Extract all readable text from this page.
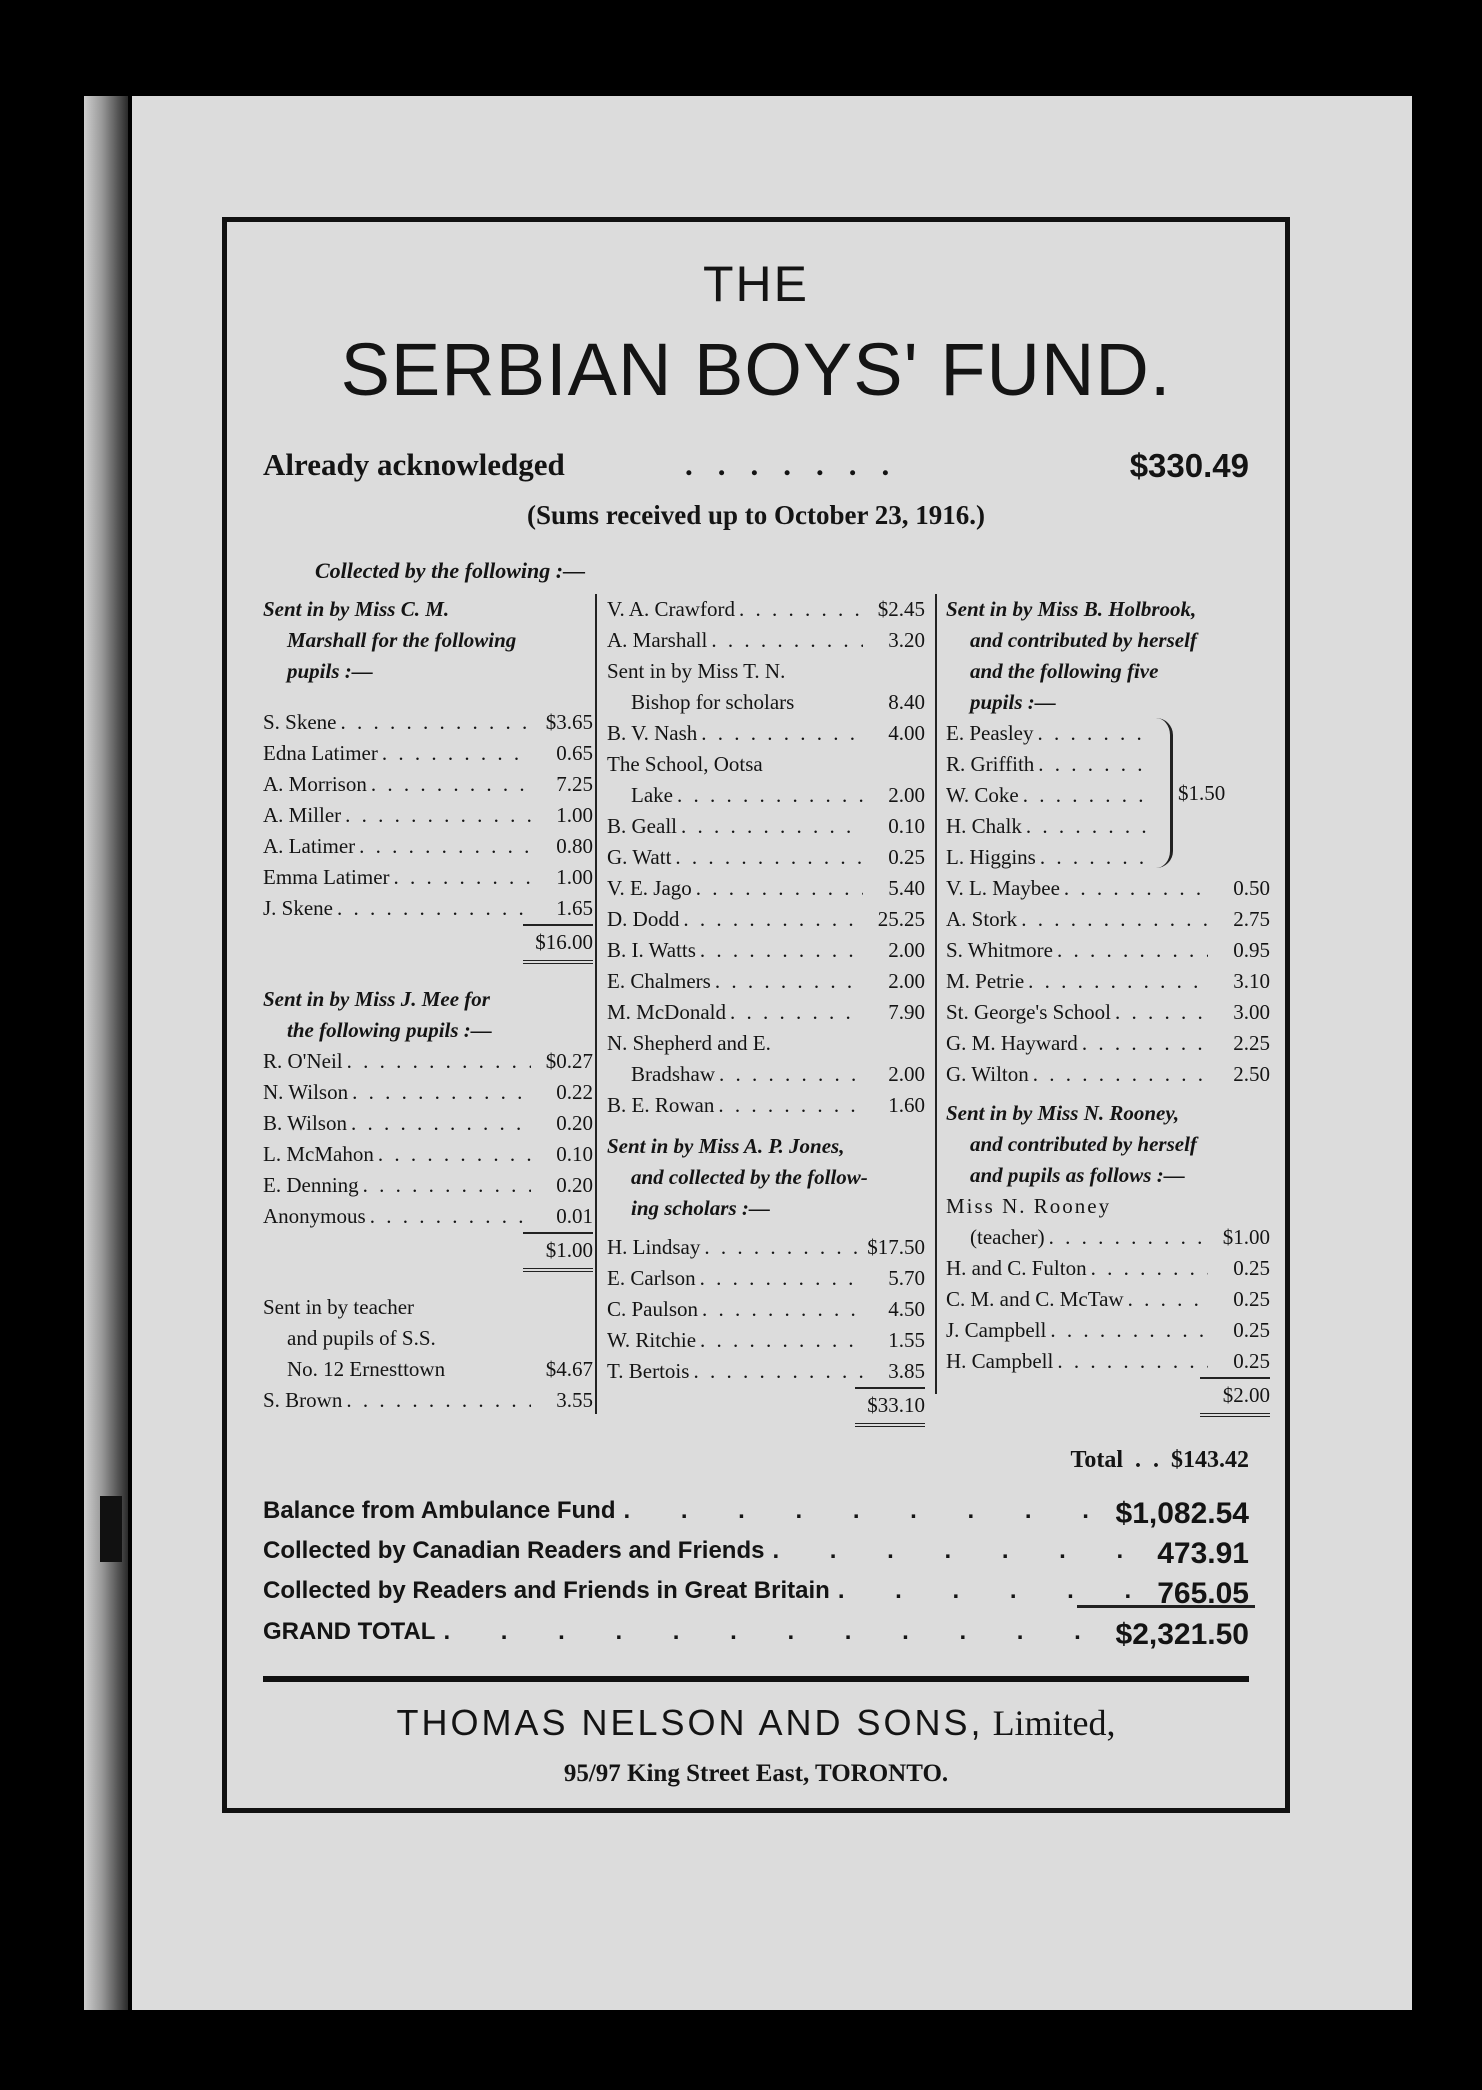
THE
SERBIAN BOYS' FUND.
Already acknowledged	.......	$330.49
(Sums received up to October 23, 1916.)
Collected by the following :—
Sent in by Miss C. M.
Marshall for the following
pupils :—
S. Skene . . .	$3.65
Edna Latimer . . .	0.65
A. Morrison . . .	7.25
A. Miller . . .	1.00
A. Latimer . . .	0.80
Emma Latimer . . .	1.00
J. Skene . . .	1.65
$16.00
Sent in by Miss J. Mee for
the following pupils :—
R. O'Neil . . .	$0.27
N. Wilson . . .	0.22
B. Wilson . . .	0.20
L. McMahon . . .	0.10
E. Denning . . .	0.20
Anonymous . . .	0.01
$1.00
Sent in by teacher
and pupils of S.S.
No. 12 Ernesttown	$4.67
S. Brown . . .	3.55
V. A. Crawford . . .	$2.45
A. Marshall . . .	3.20
Sent in by Miss T. N.
Bishop for scholars	8.40
B. V. Nash . . .	4.00
The School, Ootsa
Lake . . .	2.00
B. Geall . . .	0.10
G. Watt . . .	0.25
V. E. Jago . . .	5.40
D. Dodd . . .	25.25
B. I. Watts . . .	2.00
E. Chalmers . . .	2.00
M. McDonald . . .	7.90
N. Shepherd and E.
Bradshaw . . .	2.00
B. E. Rowan . . .	1.60
Sent in by Miss A. P. Jones,
and collected by the follow-
ing scholars :—
H. Lindsay . . .	$17.50
E. Carlson . . .	5.70
C. Paulson . . .	4.50
W. Ritchie . . .	1.55
T. Bertois . . .	3.85
$33.10
Sent in by Miss B. Holbrook,
and contributed by herself
and the following five
pupils :—
E. Peasley
. . .
R. Griffith
. . .
W. Coke
. . .
H. Chalk
. . .
L. Higgins
. . .
$1.50
V. L. Maybee . . .	0.50
A. Stork . . .	2.75
S. Whitmore . . .	0.95
M. Petrie . . .	3.10
St. George's School . . .	3.00
G. M. Hayward . . .	2.25
G. Wilton . . .	2.50
Sent in by Miss N. Rooney,
and contributed by herself
and pupils as follows :—
Miss N. Rooney
(teacher) . . .	$1.00
H. and C. Fulton . . .	0.25
C. M. and C. McTaw . . .	0.25
J. Campbell . . .	0.25
H. Campbell . . .	0.25
$2.00
Total  .  .  $143.42
Balance from Ambulance Fund . . .	$1,082.54
Collected by Canadian Readers and Friends . . .	473.91
Collected by Readers and Friends in Great Britain . . .	765.05
GRAND TOTAL . . .	$2,321.50
THOMAS NELSON AND SONS, Limited,
95/97 King Street East, TORONTO.
